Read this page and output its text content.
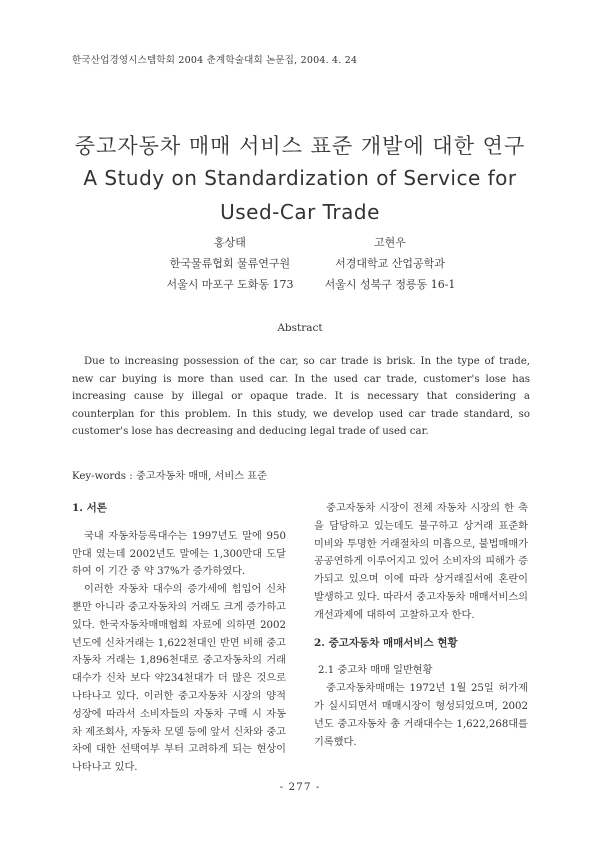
한국산업경영시스템학회 2004 춘계학술대회 논문집, 2004. 4. 24
중고자동차 매매 서비스 표준 개발에 대한 연구
A Study on Standardization of Service for
Used-Car Trade
홍상태
한국물류협회 물류연구원
서울시 마포구 도화동 173
고현우
서경대학교 산업공학과
서울시 성북구 정릉동 16-1
Abstract
Due to increasing possession of the car, so car trade is brisk. In the type of trade, new car buying is more than used car. In the used car trade, customer's lose has increasing cause by illegal or opaque trade. It is necessary that considering a counterplan for this problem. In this study, we develop used car trade standard, so customer's lose has decreasing and deducing legal trade of used car.
Key-words : 중고자동차 매매, 서비스 표준

1. 서론

국내 자동차등록대수는 1997년도 말에 950만대 였는데 2002년도 말에는 1,300만대 도달하여 이 기간 중 약 37%가 증가하였다.

이러한 자동차 대수의 증가세에 힘입어 신차 뿐만 아니라 중고자동차의 거래도 크게 증가하고 있다. 한국자동차매매협회 자료에 의하면 2002년도에 신차거래는 1,622천대인 반면 비해 중고자동차 거래는 1,896천대로 중고자동차의 거래대수가 신차 보다 약234천대가 더 많은 것으로 나타나고 있다. 이러한 중고자동차 시장의 양적 성장에 따라서 소비자들의 자동차 구매 시 자동차 제조회사, 자동차 모델 등에 앞서 신차와 중고차에 대한 선택여부 부터 고려하게 되는 현상이 나타나고 있다.

중고자동차 시장이 전체 자동차 시장의 한 축을 담당하고 있는데도 불구하고 상거래 표준화 미비와 투명한 거래절차의 미흡으로, 불법매매가 공공연하게 이루어지고 있어 소비자의 피해가 증가되고 있으며 이에 따라 상거래질서에 혼란이 발생하고 있다. 따라서 중고자동차 매매서비스의 개선과제에 대하여 고찰하고자 한다.

2. 중고자동차 매매서비스 현황

2.1 중고차 매매 일반현황

중고자동차매매는 1972년 1월 25일 허가제가 실시되면서 매매시장이 형성되었으며, 2002년도 중고자동차 총 거래대수는 1,622,268대를 기록했다.

- 277 -
